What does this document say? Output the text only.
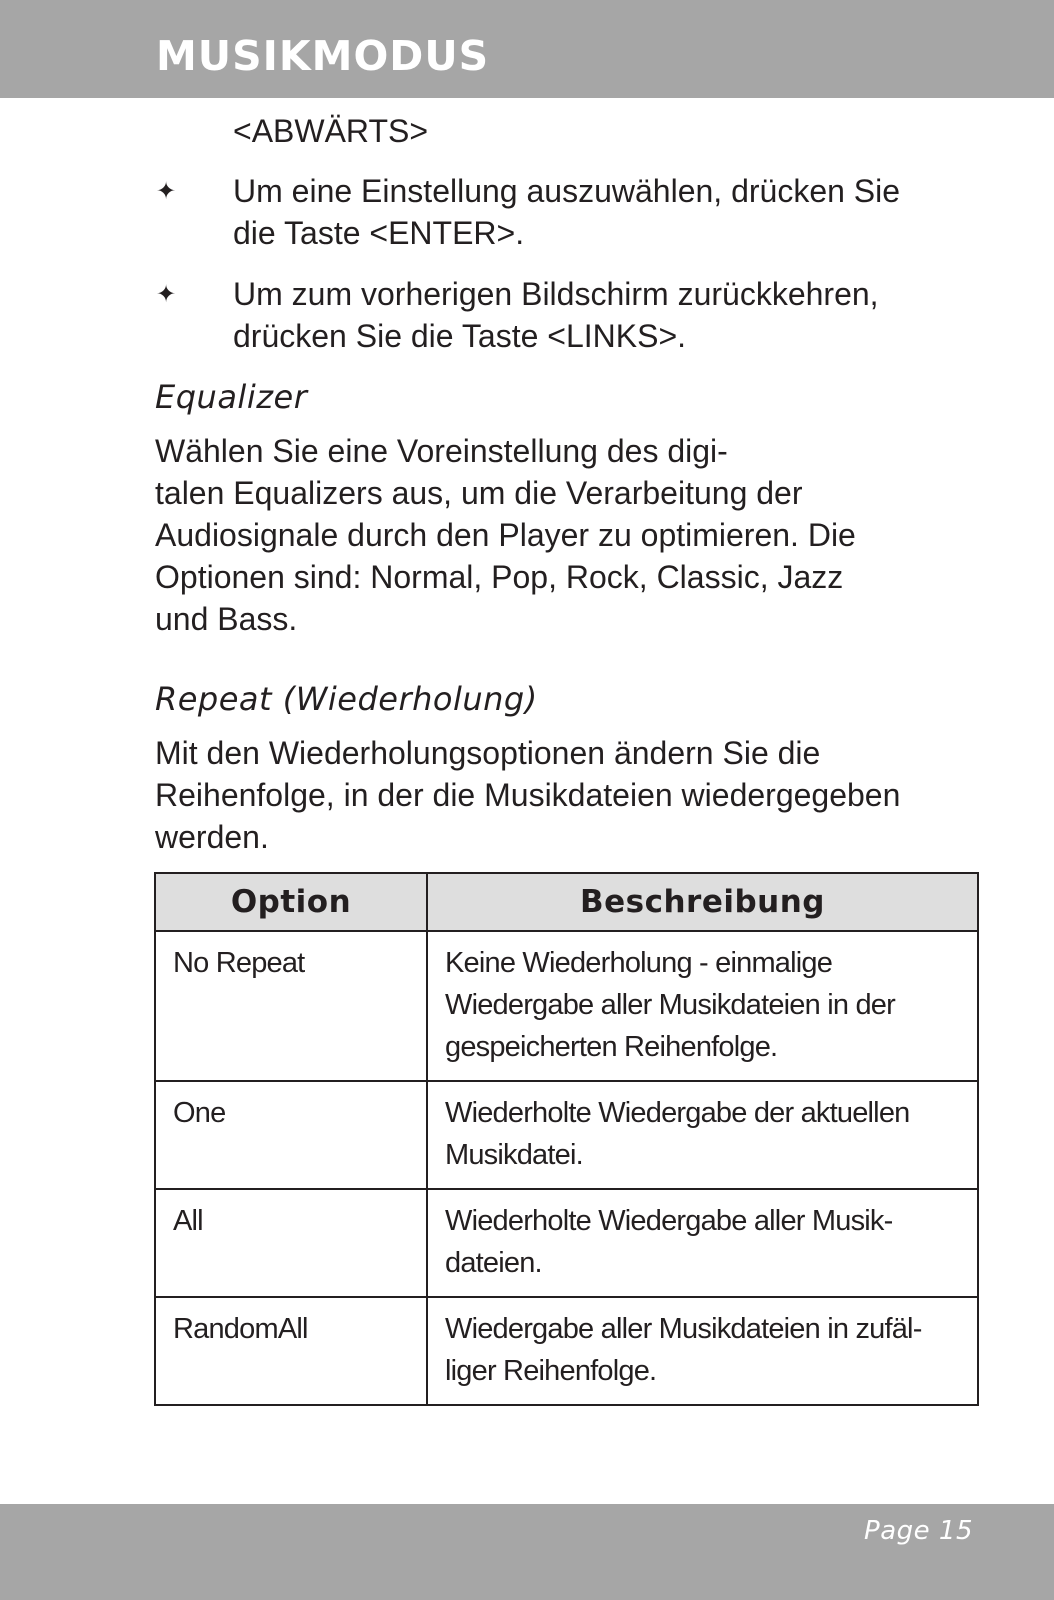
MUSIKMODUS
<ABWÄRTS>
✦ Um eine Einstellung auszuwählen, drücken Sie
die Taste <ENTER>.
✦ Um zum vorherigen Bildschirm zurückkehren,
drücken Sie die Taste <LINKS>.
Equalizer
Wählen Sie eine Voreinstellung des digi-
talen Equalizers aus, um die Verarbeitung der
Audiosignale durch den Player zu optimieren. Die
Optionen sind: Normal, Pop, Rock, Classic, Jazz
und Bass.
Repeat (Wiederholung)
Mit den Wiederholungsoptionen ändern Sie die
Reihenfolge, in der die Musikdateien wiedergegeben
werden.
Option	Beschreibung
No Repeat	Keine Wiederholung - einmalige
Wiedergabe aller Musikdateien in der
gespeicherten Reihenfolge.

One	Wiederholte Wiedergabe der aktuellen
Musikdatei.

All	Wiederholte Wiedergabe aller Musik-
dateien.

RandomAll	Wiedergabe aller Musikdateien in zufäl-
liger Reihenfolge.
Page 15
